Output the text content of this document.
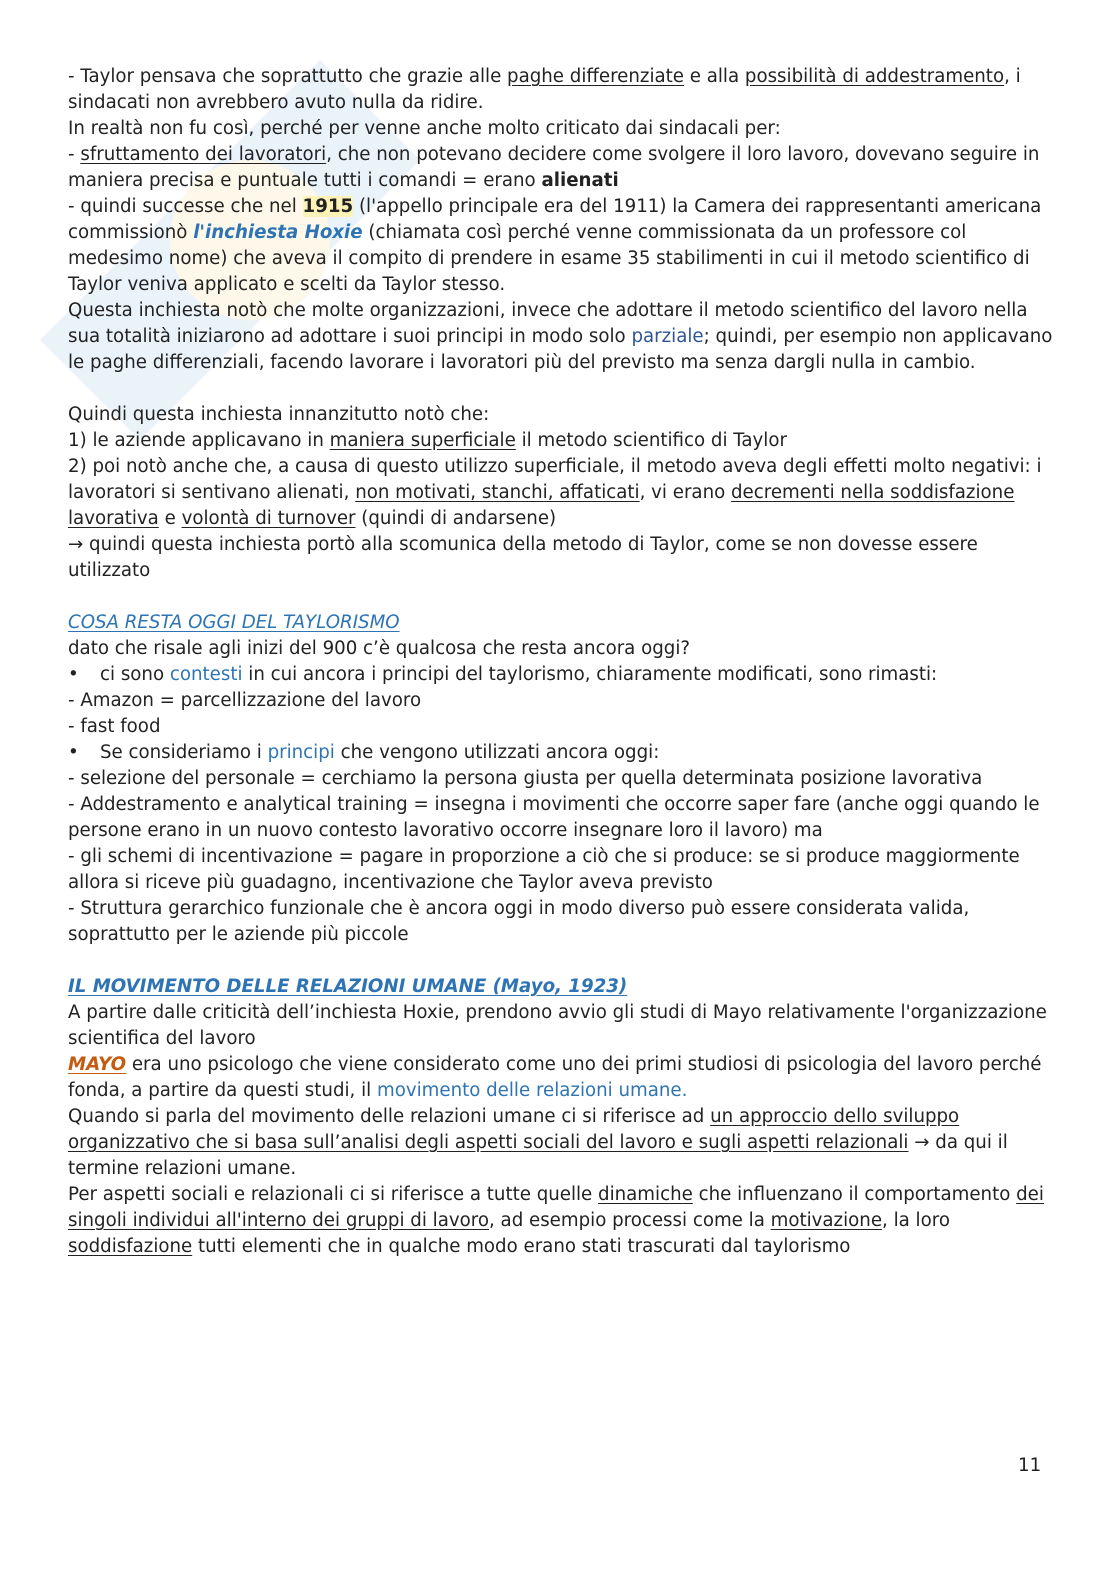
- Taylor pensava che soprattutto che grazie alle paghe differenziate e alla possibilità di addestramento, i sindacati non avrebbero avuto nulla da ridire.

In realtà non fu così, perché per venne anche molto criticato dai sindacali per:

- sfruttamento dei lavoratori, che non potevano decidere come svolgere il loro lavoro, dovevano seguire in maniera precisa e puntuale tutti i comandi = erano alienati

- quindi successe che nel 1915 (l'appello principale era del 1911) la Camera dei rappresentanti americana commissionò l'inchiesta Hoxie (chiamata così perché venne commissionata da un professore col medesimo nome) che aveva il compito di prendere in esame 35 stabilimenti in cui il metodo scientifico di Taylor veniva applicato e scelti da Taylor stesso.

Questa inchiesta notò che molte organizzazioni, invece che adottare il metodo scientifico del lavoro nella sua totalità iniziarono ad adottare i suoi principi in modo solo parziale; quindi, per esempio non applicavano le paghe differenziali, facendo lavorare i lavoratori più del previsto ma senza dargli nulla in cambio.

Quindi questa inchiesta innanzitutto notò che:

1) le aziende applicavano in maniera superficiale il metodo scientifico di Taylor

2) poi notò anche che, a causa di questo utilizzo superficiale, il metodo aveva degli effetti molto negativi: i lavoratori si sentivano alienati, non motivati, stanchi, affaticati, vi erano decrementi nella soddisfazione lavorativa e volontà di turnover (quindi di andarsene)

→ quindi questa inchiesta portò alla scomunica della metodo di Taylor, come se non dovesse essere utilizzato

COSA RESTA OGGI DEL TAYLORISMO

dato che risale agli inizi del 900 c’è qualcosa che resta ancora oggi?

•	ci sono contesti in cui ancora i principi del taylorismo, chiaramente modificati, sono rimasti:

- Amazon = parcellizzazione del lavoro

- fast food

•	Se consideriamo i principi che vengono utilizzati ancora oggi:

- selezione del personale = cerchiamo la persona giusta per quella determinata posizione lavorativa

- Addestramento e analytical training = insegna i movimenti che occorre saper fare (anche oggi quando le persone erano in un nuovo contesto lavorativo occorre insegnare loro il lavoro) ma

- gli schemi di incentivazione = pagare in proporzione a ciò che si produce: se si produce maggiormente allora si riceve più guadagno, incentivazione che Taylor aveva previsto

- Struttura gerarchico funzionale che è ancora oggi in modo diverso può essere considerata valida, soprattutto per le aziende più piccole

IL MOVIMENTO DELLE RELAZIONI UMANE (Mayo, 1923)

A partire dalle criticità dell’inchiesta Hoxie, prendono avvio gli studi di Mayo relativamente l'organizzazione scientifica del lavoro

MAYO era uno psicologo che viene considerato come uno dei primi studiosi di psicologia del lavoro perché fonda, a partire da questi studi, il movimento delle relazioni umane.

Quando si parla del movimento delle relazioni umane ci si riferisce ad un approccio dello sviluppo organizzativo che si basa sull’analisi degli aspetti sociali del lavoro e sugli aspetti relazionali → da qui il termine relazioni umane.

Per aspetti sociali e relazionali ci si riferisce a tutte quelle dinamiche che influenzano il comportamento dei singoli individui all'interno dei gruppi di lavoro, ad esempio processi come la motivazione, la loro soddisfazione tutti elementi che in qualche modo erano stati trascurati dal taylorismo

11
